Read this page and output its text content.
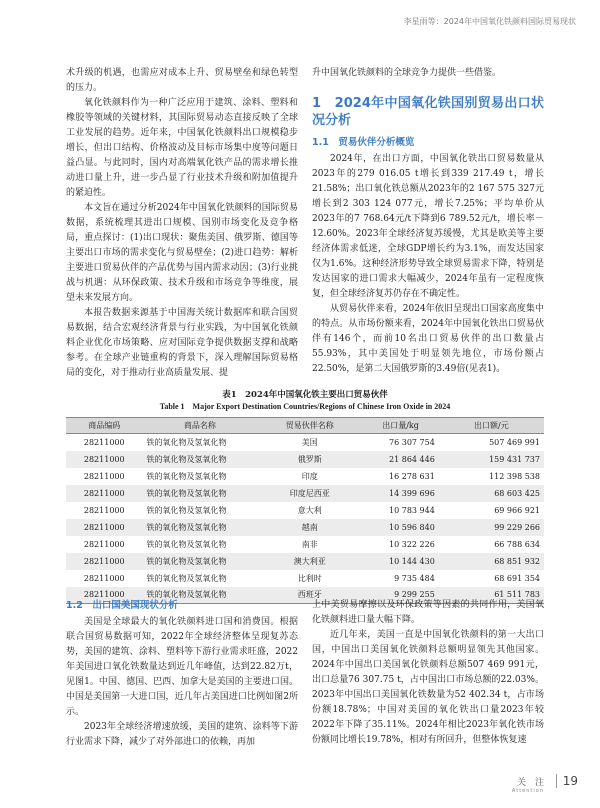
李星雨等：2024年中国氧化铁颜料国际贸易现状

术升级的机遇，也需应对成本上升、贸易壁垒和绿色转型的压力。

氧化铁颜料作为一种广泛应用于建筑、涂料、塑料和橡胶等领域的关键材料，其国际贸易动态直接反映了全球工业发展的趋势。近年来，中国氧化铁颜料出口规模稳步增长，但出口结构、价格波动及目标市场集中度等问题日益凸显。与此同时，国内对高端氧化铁产品的需求增长推动进口量上升，进一步凸显了行业技术升级和附加值提升的紧迫性。

本文旨在通过分析2024年中国氧化铁颜料的国际贸易数据，系统梳理其进出口规模、国别市场变化及竞争格局，重点探讨：(1)出口现状：聚焦美国、俄罗斯、德国等主要出口市场的需求变化与贸易壁垒；(2)进口趋势：解析主要进口贸易伙伴的产品优势与国内需求动因；(3)行业挑战与机遇：从环保政策、技术升级和市场竞争等维度，展望未来发展方向。

本报告数据来源基于中国海关统计数据库和联合国贸易数据，结合宏观经济背景与行业实践，为中国氧化铁颜料企业优化市场策略、应对国际竞争提供数据支撑和战略参考。在全球产业链重构的背景下，深入理解国际贸易格局的变化，对于推动行业高质量发展、提

升中国氧化铁颜料的全球竞争力提供一些借鉴。

1　2024年中国氧化铁国别贸易出口状况分析
1.1　贸易伙伴分析概览

2024年，在出口方面，中国氧化铁出口贸易数量从2023年的279 016.05 t增长到339 217.49 t，增长21.58%；出口氧化铁总额从2023年的2 167 575 327元增长到2 303 124 077元，增长7.25%；平均单价从2023年的7 768.64元/t下降到6 789.52元/t，增长率－12.60%。2023年全球经济复苏缓慢，尤其是欧美等主要经济体需求低迷，全球GDP增长约为3.1%，而发达国家仅为1.6%。这种经济形势导致全球贸易需求下降，特别是发达国家的进口需求大幅减少，2024年虽有一定程度恢复，但全球经济复苏仍存在不确定性。

从贸易伙伴来看，2024年依旧呈现出口国家高度集中的特点。从市场份额来看，2024年中国氧化铁出口贸易伙伴有146个，而前10名出口贸易伙伴的出口数量占55.93%，其中美国处于明显领先地位，市场份额占22.50%，是第二大国俄罗斯的3.49倍(见表1)。

表1　2024年中国氧化铁主要出口贸易伙伴
Table 1　Major Export Destination Countries/Regions of Chinese Iron Oxide in 2024
商品编码	商品名称	贸易伙伴名称	出口量/kg	出口额/元
28211000	铁的氧化物及氢氧化物	美国	76 307 754	507 469 991
28211000	铁的氧化物及氢氧化物	俄罗斯	21 864 446	159 431 737
28211000	铁的氧化物及氢氧化物	印度	16 278 631	112 398 538
28211000	铁的氧化物及氢氧化物	印度尼西亚	14 399 696	68 603 425
28211000	铁的氧化物及氢氧化物	意大利	10 783 944	69 966 921
28211000	铁的氧化物及氢氧化物	越南	10 596 840	99 229 266
28211000	铁的氧化物及氢氧化物	南非	10 322 226	66 788 634
28211000	铁的氧化物及氢氧化物	澳大利亚	10 144 430	68 851 932
28211000	铁的氧化物及氢氧化物	比利时	9 735 484	68 691 354
28211000	铁的氧化物及氢氧化物	西班牙	9 299 255	61 511 783
1.2　出口国美国现状分析

美国是全球最大的氧化铁颜料进口国和消费国。根据联合国贸易数据可知，2022年全球经济整体呈现复苏态势，美国的建筑、涂料、塑料等下游行业需求旺盛，2022年美国进口氧化铁数量达到近几年峰值，达到22.82万t，见图1。中国、德国、巴西、加拿大是美国的主要进口国。中国是美国第一大进口国，近几年占美国进口比例如图2所示。

2023年全球经济增速放缓，美国的建筑、涂料等下游行业需求下降，减少了对外部进口的依赖，再加

上中美贸易摩擦以及环保政策等因素的共同作用，美国氧化铁颜料进口量大幅下降。

近几年来，美国一直是中国氧化铁颜料的第一大出口国，中国出口美国氧化铁颜料总额明显领先其他国家。2024年中国出口美国氧化铁颜料总额507 469 991元，出口总量76 307.75 t，占中国出口市场总额的22.03%。2023年中国出口美国氧化铁数量为52 402.34 t，占市场份额18.78%；中国对美国的氧化铁出口量2023年较2022年下降了35.11%。2024年相比2023年氧化铁市场份额同比增长19.78%，相对有所回升，但整体恢复速

关　注
Attention
19
